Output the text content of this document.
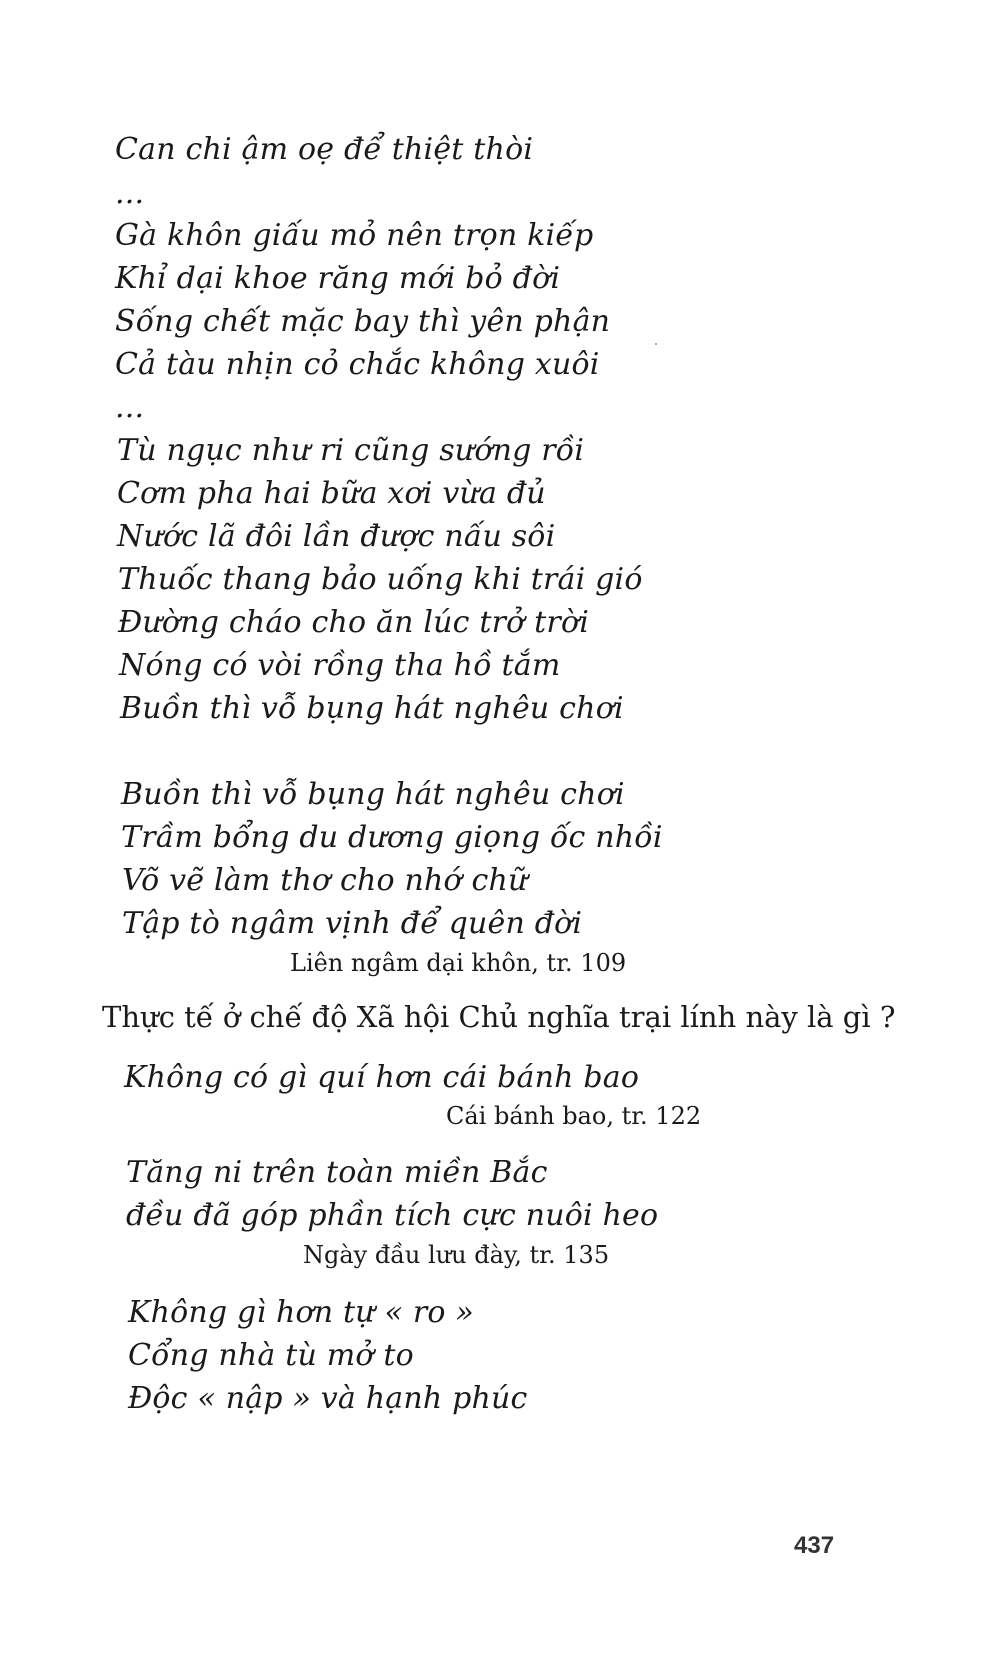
Can chi ậm oẹ để thiệt thòi
...
Gà khôn giấu mỏ nên trọn kiếp
Khỉ dại khoe răng mới bỏ đời
Sống chết mặc bay thì yên phận
Cả tàu nhịn cỏ chắc không xuôi
...
Tù ngục như ri cũng sướng rồi
Cơm pha hai bữa xơi vừa đủ
Nước lã đôi lần được nấu sôi
Thuốc thang bảo uống khi trái gió
Đường cháo cho ăn lúc trở trời
Nóng có vòi rồng tha hồ tắm
Buồn thì vỗ bụng hát nghêu chơi
Buồn thì vỗ bụng hát nghêu chơi
Trầm bổng du dương giọng ốc nhồi
Võ vẽ làm thơ cho nhớ chữ
Tập tò ngâm vịnh để quên đời
Liên ngâm dại khôn, tr. 109
Thực tế ở chế độ Xã hội Chủ nghĩa trại lính này là gì ?
Không có gì quí hơn cái bánh bao
Cái bánh bao, tr. 122
Tăng ni trên toàn miền Bắc
đều đã góp phần tích cực nuôi heo
Ngày đầu lưu đày, tr. 135
Không gì hơn tự « ro »
Cổng nhà tù mở to
Độc « nập » và hạnh phúc
437
